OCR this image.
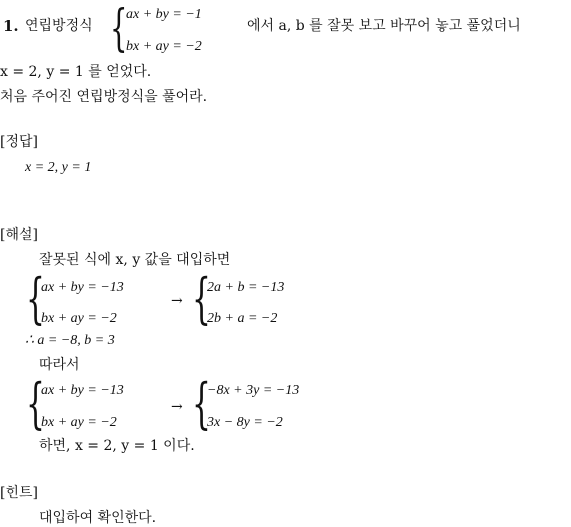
1. 연립방정식 {
ax + by = −1
bx + ay = −2
에서 a, b 를 잘못 보고 바꾸어 놓고 풀었더니
x = 2, y = 1 를 얻었다.
처음 주어진 연립방정식을 풀어라.
[정답]
x = 2, y = 1
[해설]
잘못된 식에 x, y 값을 대입하면
{
ax + by = −13
bx + ay = −2
→ {
2a + b = −13
2b + a = −2
∴ a = −8, b = 3
따라서
{
ax + by = −13
bx + ay = −2
→ {
−8x + 3y = −13
3x − 8y = −2
하면, x = 2, y = 1 이다.
[힌트]
대입하여 확인한다.
